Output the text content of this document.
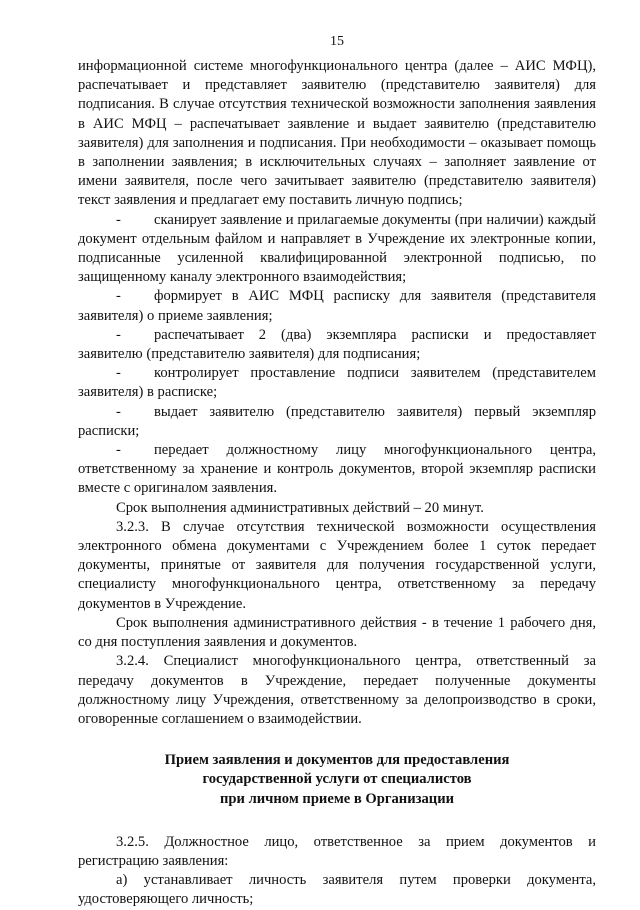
15

информационной системе многофункционального центра (далее – АИС МФЦ), распечатывает и представляет заявителю (представителю заявителя) для подписания. В случае отсутствия технической возможности заполнения заявления в АИС МФЦ – распечатывает заявление и выдает заявителю (представителю заявителя) для заполнения и подписания. При необходимости – оказывает помощь в заполнении заявления; в исключительных случаях – заполняет заявление от имени заявителя, после чего зачитывает заявителю (представителю заявителя) текст заявления и предлагает ему поставить личную подпись;

- сканирует заявление и прилагаемые документы (при наличии) каждый документ отдельным файлом и направляет в Учреждение их электронные копии, подписанные усиленной квалифицированной электронной подписью, по защищенному каналу электронного взаимодействия;

- формирует в АИС МФЦ расписку для заявителя (представителя заявителя) о приеме заявления;

- распечатывает 2 (два) экземпляра расписки и предоставляет заявителю (представителю заявителя) для подписания;

- контролирует проставление подписи заявителем (представителем заявителя) в расписке;

- выдает заявителю (представителю заявителя) первый экземпляр расписки;

- передает должностному лицу многофункционального центра, ответственному за хранение и контроль документов, второй экземпляр расписки вместе с оригиналом заявления.

Срок выполнения административных действий – 20 минут.

3.2.3. В случае отсутствия технической возможности осуществления электронного обмена документами с Учреждением более 1 суток передает документы, принятые от заявителя для получения государственной услуги, специалисту многофункционального центра, ответственному за передачу документов в Учреждение.

Срок выполнения административного действия - в течение 1 рабочего дня, со дня поступления заявления и документов.

3.2.4. Специалист многофункционального центра, ответственный за передачу документов в Учреждение, передает полученные документы должностному лицу Учреждения, ответственному за делопроизводство в сроки, оговоренные соглашением о взаимодействии.

Прием заявления и документов для предоставления
государственной услуги от специалистов
при личном приеме в Организации

3.2.5. Должностное лицо, ответственное за прием документов и регистрацию заявления:

а) устанавливает личность заявителя путем проверки документа, удостоверяющего личность;
